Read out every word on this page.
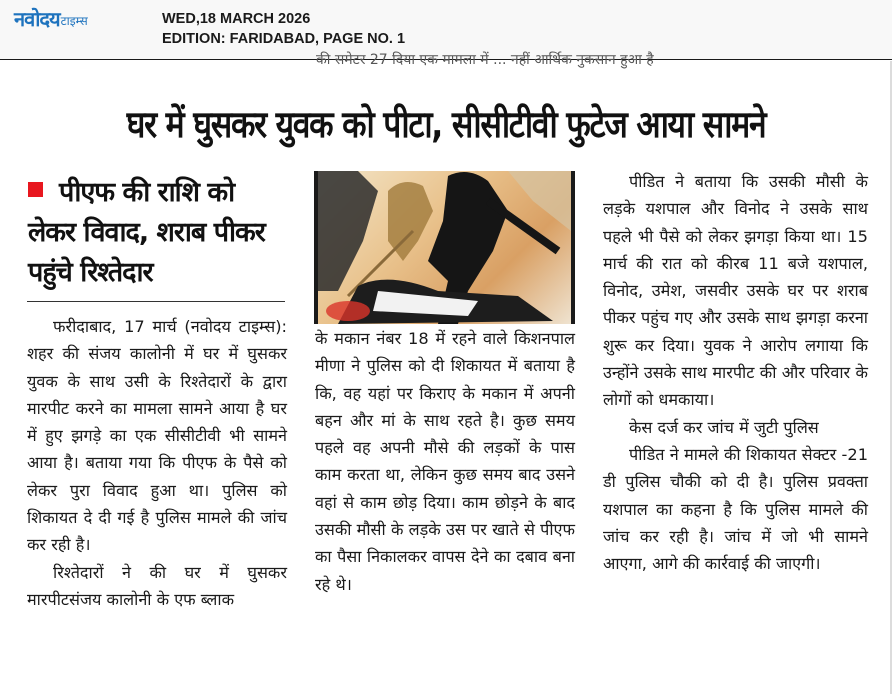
नवोदय टाइम्स	WED,18 MARCH 2026
EDITION: FARIDABAD, PAGE NO. 1
की समेटर 27 दिया एक मामला में ... नहीं आर्थिक नुकसान हुआ है
घर में घुसकर युवक को पीटा, सीसीटीवी फुटेज आया सामने
पीएफ की राशि को लेकर विवाद, शराब पीकर पहुंचे रिश्तेदार

फरीदाबाद, 17 मार्च (नवोदय टाइम्स): शहर की संजय कालोनी में घर में घुसकर युवक के साथ उसी के रिश्तेदारों के द्वारा मारपीट करने का मामला सामने आया है घर में हुए झगड़े का एक सीसीटीवी भी सामने आया है। बताया गया कि पीएफ के पैसे को लेकर पुरा विवाद हुआ था। पुलिस को शिकायत दे दी गई है पुलिस मामले की जांच कर रही है।

रिश्तेदारों ने की घर में घुसकर मारपीटसंजय कालोनी के एफ ब्लाक

के मकान नंबर 18 में रहने वाले किशनपाल मीणा ने पुलिस को दी शिकायत में बताया है कि, वह यहां पर किराए के मकान में अपनी बहन और मां के साथ रहते है। कुछ समय पहले वह अपनी मौसे की लड़कों के पास काम करता था, लेकिन कुछ समय बाद उसने वहां से काम छोड़ दिया। काम छोड़ने के बाद उसकी मौसी के लड़के उस पर खाते से पीएफ का पैसा निकालकर वापस देने का दबाव बना रहे थे।

पीडित ने बताया कि उसकी मौसी के लड़के यशपाल और विनोद ने उसके साथ पहले भी पैसे को लेकर झगड़ा किया था। 15 मार्च की रात को कीरब 11 बजे यशपाल, विनोद, उमेश, जसवीर उसके घर पर शराब पीकर पहुंच गए और उसके साथ झगड़ा करना शुरू कर दिया। युवक ने आरोप लगाया कि उन्होंने उसके साथ मारपीट की और परिवार के लोगों को धमकाया।

केस दर्ज कर जांच में जुटी पुलिस

पीडित ने मामले की शिकायत सेक्टर -21 डी पुलिस चौकी को दी है। पुलिस प्रवक्ता यशपाल का कहना है कि पुलिस मामले की जांच कर रही है। जांच में जो भी सामने आएगा, आगे की कार्रवाई की जाएगी।
